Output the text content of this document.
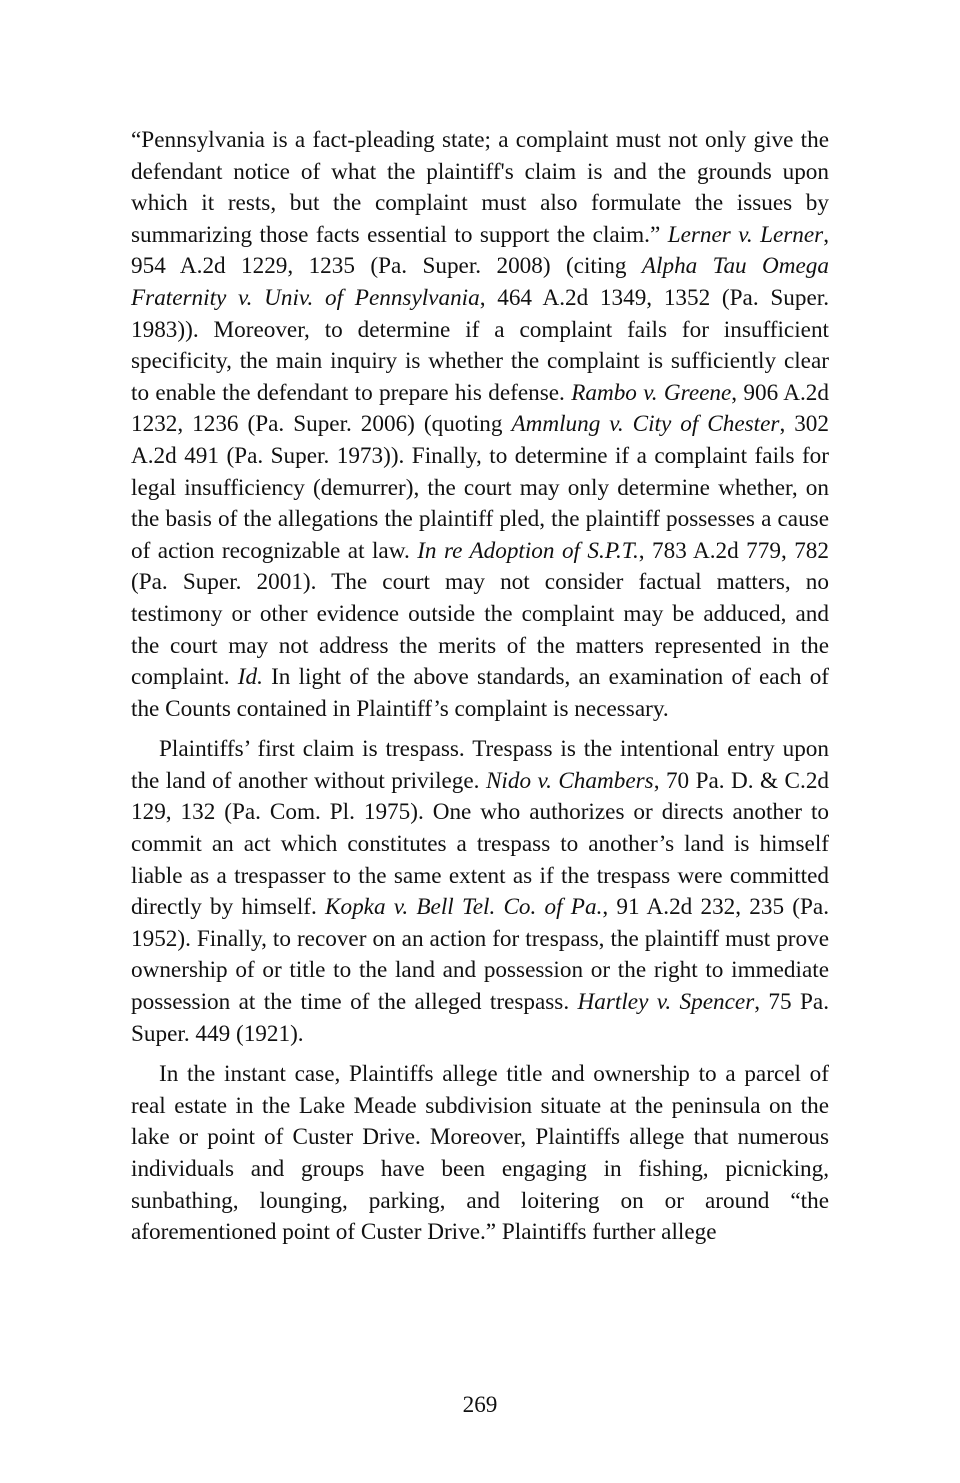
“Pennsylvania is a fact-pleading state; a complaint must not only give the defendant notice of what the plaintiff's claim is and the grounds upon which it rests, but the complaint must also formulate the issues by summarizing those facts essential to support the claim.” Lerner v. Lerner, 954 A.2d 1229, 1235 (Pa. Super. 2008) (citing Alpha Tau Omega Fraternity v. Univ. of Pennsylvania, 464 A.2d 1349, 1352 (Pa. Super. 1983)). Moreover, to determine if a complaint fails for insufficient specificity, the main inquiry is whether the complaint is sufficiently clear to enable the defendant to prepare his defense. Rambo v. Greene, 906 A.2d 1232, 1236 (Pa. Super. 2006) (quoting Ammlung v. City of Chester, 302 A.2d 491 (Pa. Super. 1973)). Finally, to determine if a complaint fails for legal insufficiency (demurrer), the court may only determine whether, on the basis of the allegations the plaintiff pled, the plaintiff possesses a cause of action recognizable at law. In re Adoption of S.P.T., 783 A.2d 779, 782 (Pa. Super. 2001). The court may not consider factual matters, no testimony or other evidence outside the complaint may be adduced, and the court may not address the merits of the matters represented in the complaint. Id. In light of the above standards, an examination of each of the Counts contained in Plaintiff’s complaint is necessary.

Plaintiffs’ first claim is trespass. Trespass is the intentional entry upon the land of another without privilege. Nido v. Chambers, 70 Pa. D. & C.2d 129, 132 (Pa. Com. Pl. 1975). One who authorizes or directs another to commit an act which constitutes a trespass to another’s land is himself liable as a trespasser to the same extent as if the trespass were committed directly by himself. Kopka v. Bell Tel. Co. of Pa., 91 A.2d 232, 235 (Pa. 1952). Finally, to recover on an action for trespass, the plaintiff must prove ownership of or title to the land and possession or the right to immediate possession at the time of the alleged trespass. Hartley v. Spencer, 75 Pa. Super. 449 (1921).

In the instant case, Plaintiffs allege title and ownership to a parcel of real estate in the Lake Meade subdivision situate at the peninsula on the lake or point of Custer Drive. Moreover, Plaintiffs allege that numerous individuals and groups have been engaging in fishing, picnicking, sunbathing, lounging, parking, and loitering on or around “the aforementioned point of Custer Drive.” Plaintiffs further allege

269
